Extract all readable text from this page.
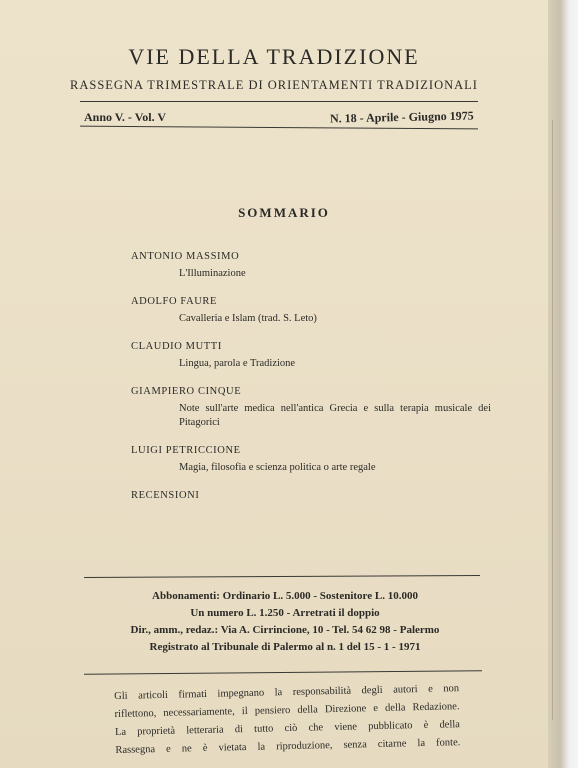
VIE DELLA TRADIZIONE
RASSEGNA TRIMESTRALE DI ORIENTAMENTI TRADIZIONALI
Anno V. - Vol. V	N. 18 - Aprile - Giugno 1975
SOMMARIO
ANTONIO MASSIMO
L'Illuminazione
ADOLFO FAURE
Cavalleria e Islam (trad. S. Leto)
CLAUDIO MUTTI
Lingua, parola e Tradizione
GIAMPIERO CINQUE
Note sull'arte medica nell'antica Grecia e sulla terapia musicale dei Pitagorici
LUIGI PETRICCIONE
Magia, filosofia e scienza politica o arte regale
RECENSIONI
Abbonamenti: Ordinario L. 5.000 - Sostenitore L. 10.000
Un numero L. 1.250 - Arretrati il doppio
Dir., amm., redaz.: Via A. Cirrincione, 10 - Tel. 54 62 98 - Palermo
Registrato al Tribunale di Palermo al n. 1 del 15 - 1 - 1971
Gli articoli firmati impegnano la responsabilità degli autori e non
riflettono, necessariamente, il pensiero della Direzione e della Redazione.
La proprietà letteraria di tutto ciò che viene pubblicato è della
Rassegna e ne è vietata la riproduzione, senza citarne la fonte.
